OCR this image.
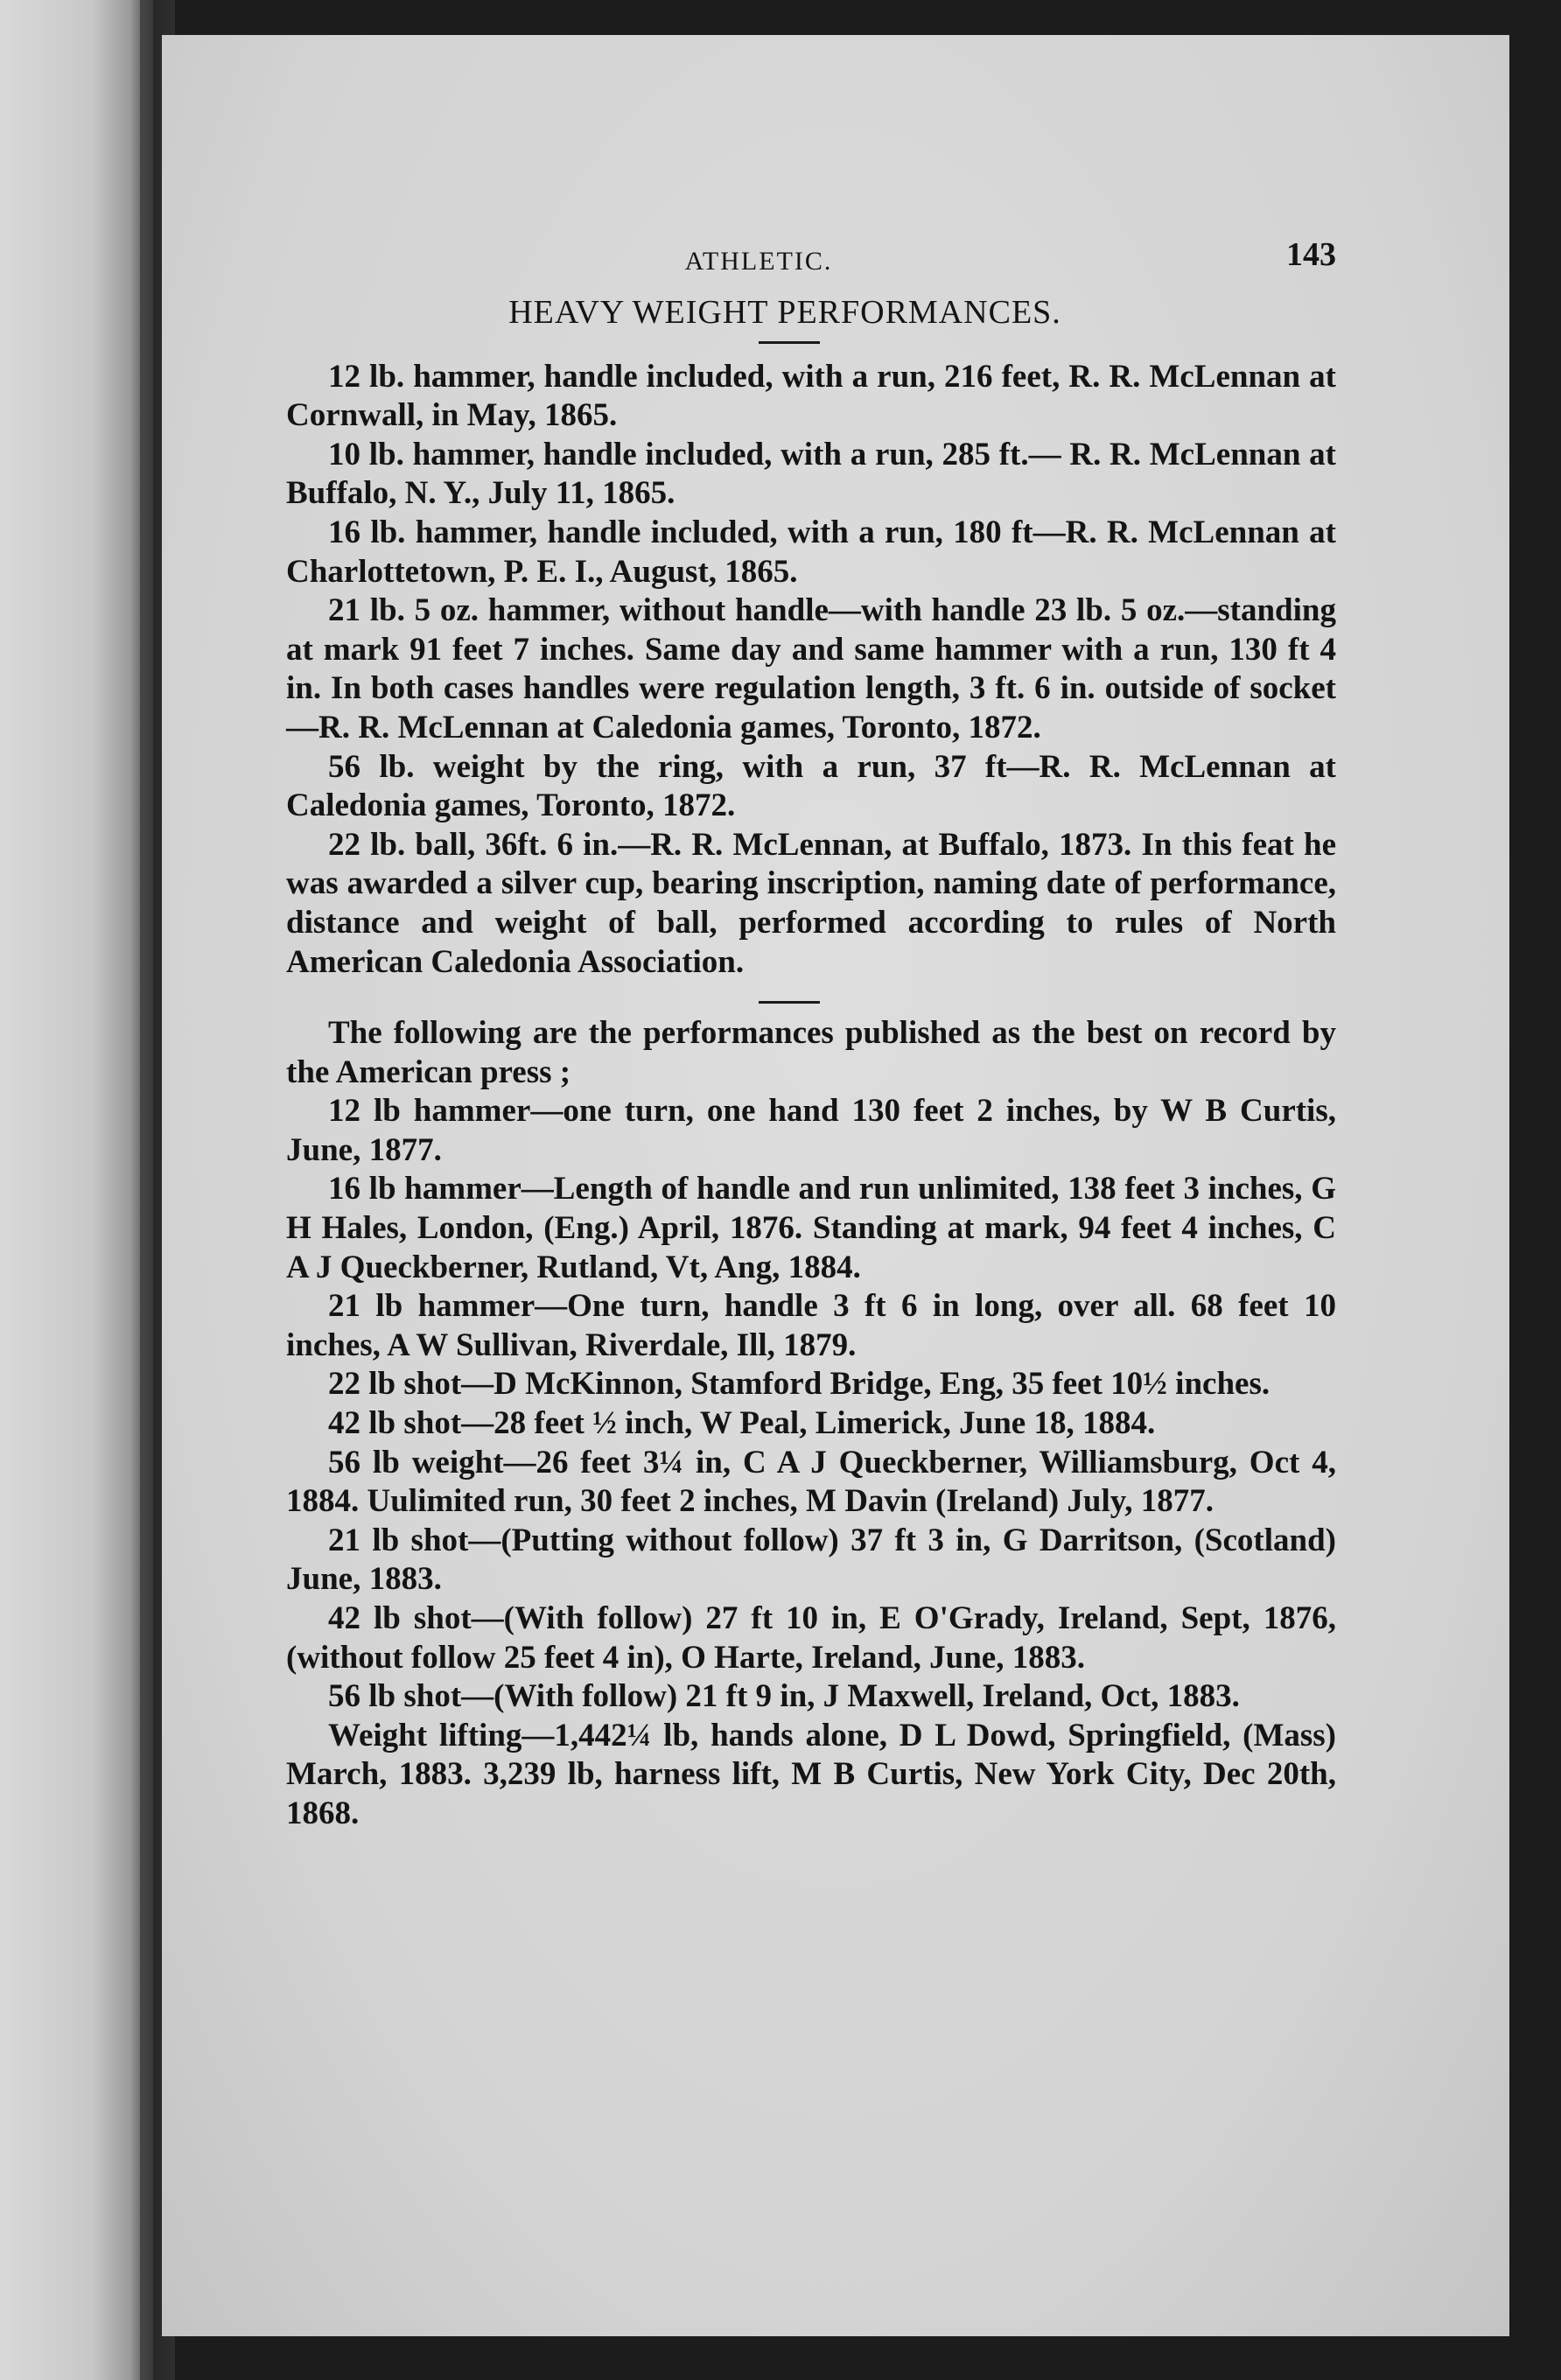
ATHLETIC.	143
HEAVY WEIGHT PERFORMANCES.

12 lb. hammer, handle included, with a run, 216 feet, R. R. McLennan at Cornwall, in May, 1865.

10 lb. hammer, handle included, with a run, 285 ft.— R. R. McLennan at Buffalo, N. Y., July 11, 1865.

16 lb. hammer, handle included, with a run, 180 ft—R. R. McLennan at Charlottetown, P. E. I., August, 1865.

21 lb. 5 oz. hammer, without handle—with handle 23 lb. 5 oz.—standing at mark 91 feet 7 inches. Same day and same hammer with a run, 130 ft 4 in. In both cases handles were regulation length, 3 ft. 6 in. outside of socket—R. R. McLennan at Caledonia games, Toronto, 1872.

56 lb. weight by the ring, with a run, 37 ft—R. R. McLennan at Caledonia games, Toronto, 1872.

22 lb. ball, 36ft. 6 in.—R. R. McLennan, at Buffalo, 1873. In this feat he was awarded a silver cup, bearing inscription, naming date of performance, distance and weight of ball, performed according to rules of North American Caledonia Association.

The following are the performances published as the best on record by the American press ;

12 lb hammer—one turn, one hand 130 feet 2 inches, by W B Curtis, June, 1877.

16 lb hammer—Length of handle and run unlimited, 138 feet 3 inches, G H Hales, London, (Eng.) April, 1876. Standing at mark, 94 feet 4 inches, C A J Queckberner, Rutland, Vt, Ang, 1884.

21 lb hammer—One turn, handle 3 ft 6 in long, over all. 68 feet 10 inches, A W Sullivan, Riverdale, Ill, 1879.

22 lb shot—D McKinnon, Stamford Bridge, Eng, 35 feet 10½ inches.

42 lb shot—28 feet ½ inch, W Peal, Limerick, June 18, 1884.

56 lb weight—26 feet 3¼ in, C A J Queckberner, Williamsburg, Oct 4, 1884. Uulimited run, 30 feet 2 inches, M Davin (Ireland) July, 1877.

21 lb shot—(Putting without follow) 37 ft 3 in, G Darritson, (Scotland) June, 1883.

42 lb shot—(With follow) 27 ft 10 in, E O'Grady, Ireland, Sept, 1876, (without follow 25 feet 4 in), O Harte, Ireland, June, 1883.

56 lb shot—(With follow) 21 ft 9 in, J Maxwell, Ireland, Oct, 1883.

Weight lifting—1,442¼ lb, hands alone, D L Dowd, Springfield, (Mass) March, 1883. 3,239 lb, harness lift, M B Curtis, New York City, Dec 20th, 1868.
